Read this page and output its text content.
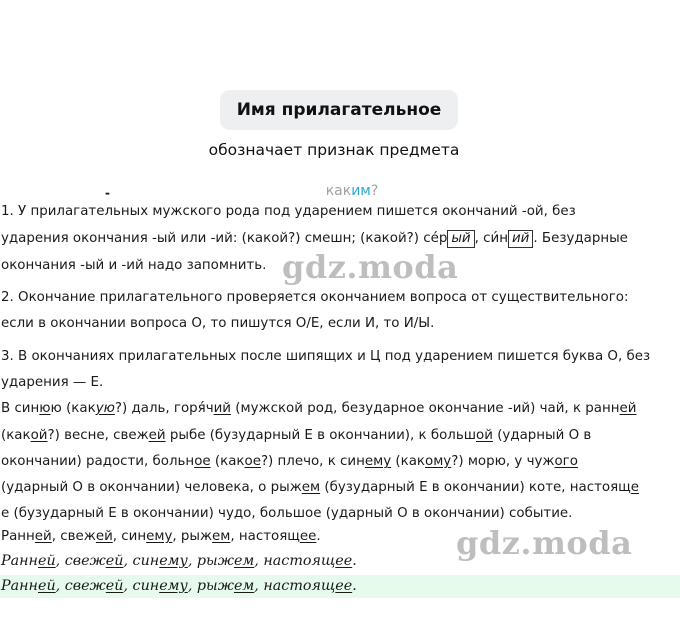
Имя прилагательное
обозначает признак предмета
каким?
-
1. У прилагательных мужского рода под ударением пишется окончаний -ой, без
ударения окончания -ый или -ий: (какой?) смешн; (какой?) се́р ый , си́н ий . Безударные
окончания -ый и -ий надо запомнить.
2. Окончание прилагательного проверяется окончанием вопроса от существительного:
если в окончании вопроса О, то пишутся О/Е, если И, то И/Ы.
3. В окончаниях прилагательных после шипящих и Ц под ударением пишется буква О, без
ударения — Е.
В синюю (какую?) даль, горя́чий (мужской род, безударное окончание -ий) чай, к ранней
(какой?) весне, свежей рыбе (бузударный Е в окончании), к большой (ударный О в
окончании) радости, больное (какое?) плечо, к синему (какому?) морю, у чужого
(ударный О в окончании) человека, о рыжем (бузударный Е в окончании) коте, настояще
е (бузударный Е в окончании) чудо, большое (ударный О в окончании) событие.
Ранней, свежей, синему, рыжем, настоящее.
Ранней, свежей, синему, рыжем, настоящее.
Ранней, свежей, синему, рыжем, настоящее.
gdz.moda
gdz.moda
